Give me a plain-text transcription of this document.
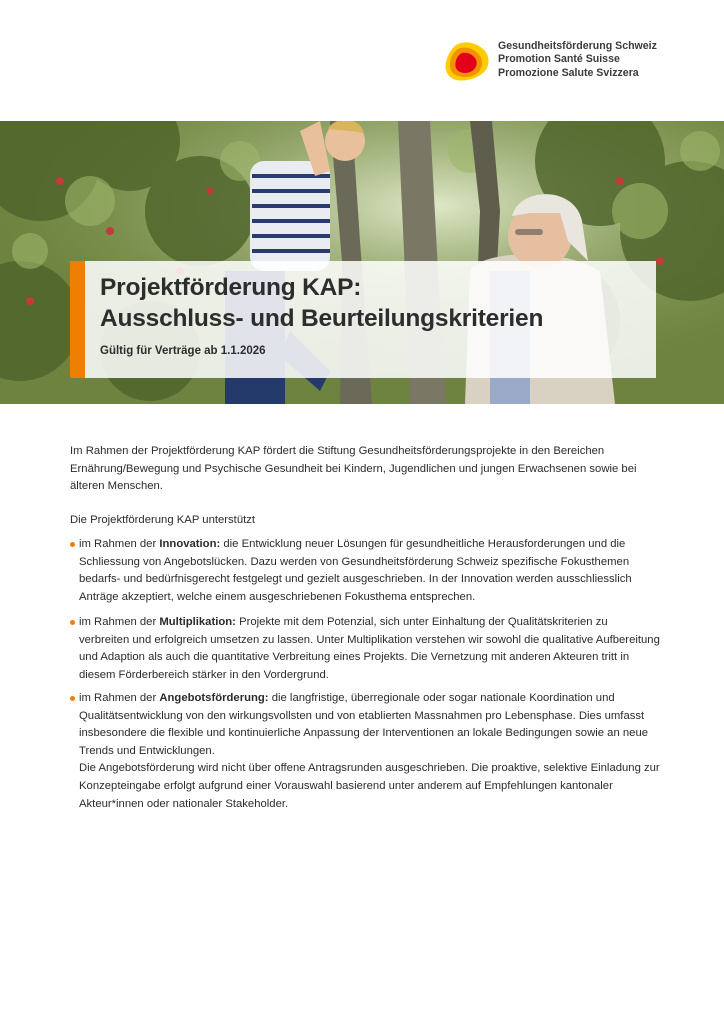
Gesundheitsförderung Schweiz
Promotion Santé Suisse
Promozione Salute Svizzera
Projektförderung KAP:
Ausschluss- und Beurteilungskriterien
Gültig für Verträge ab 1.1.2026
Im Rahmen der Projektförderung KAP fördert die Stiftung Gesundheitsförderungsprojekte in den Bereichen Ernährung/Bewegung und Psychische Gesundheit bei Kindern, Jugendlichen und jungen Erwachsenen sowie bei älteren Menschen.
Die Projektförderung KAP unterstützt
im Rahmen der Innovation: die Entwicklung neuer Lösungen für gesundheitliche Herausforderungen und die Schliessung von Angebotslücken. Dazu werden von Gesundheitsförderung Schweiz spezifische Fokusthemen bedarfs- und bedürfnisgerecht festgelegt und gezielt ausgeschrieben. In der Innovation werden ausschliesslich Anträge akzeptiert, welche einem ausgeschriebenen Fokusthema entsprechen.
im Rahmen der Multiplikation: Projekte mit dem Potenzial, sich unter Einhaltung der Qualitätskriterien zu verbreiten und erfolgreich umsetzen zu lassen. Unter Multiplikation verstehen wir sowohl die qualitative Aufbereitung und Adaption als auch die quantitative Verbreitung eines Projekts. Die Vernetzung mit anderen Akteuren tritt in diesem Förderbereich stärker in den Vordergrund.
im Rahmen der Angebotsförderung: die langfristige, überregionale oder sogar nationale Koordination und Qualitätsentwicklung von den wirkungsvollsten und von etablierten Massnahmen pro Lebensphase. Dies umfasst insbesondere die flexible und kontinuierliche Anpassung der Interventionen an lokale Bedingungen sowie an neue Trends und Entwicklungen.
Die Angebotsförderung wird nicht über offene Antragsrunden ausgeschrieben. Die proaktive, selektive Einladung zur Konzepteingabe erfolgt aufgrund einer Vorauswahl basierend unter anderem auf Empfehlungen kantonaler Akteur*innen oder nationaler Stakeholder.
